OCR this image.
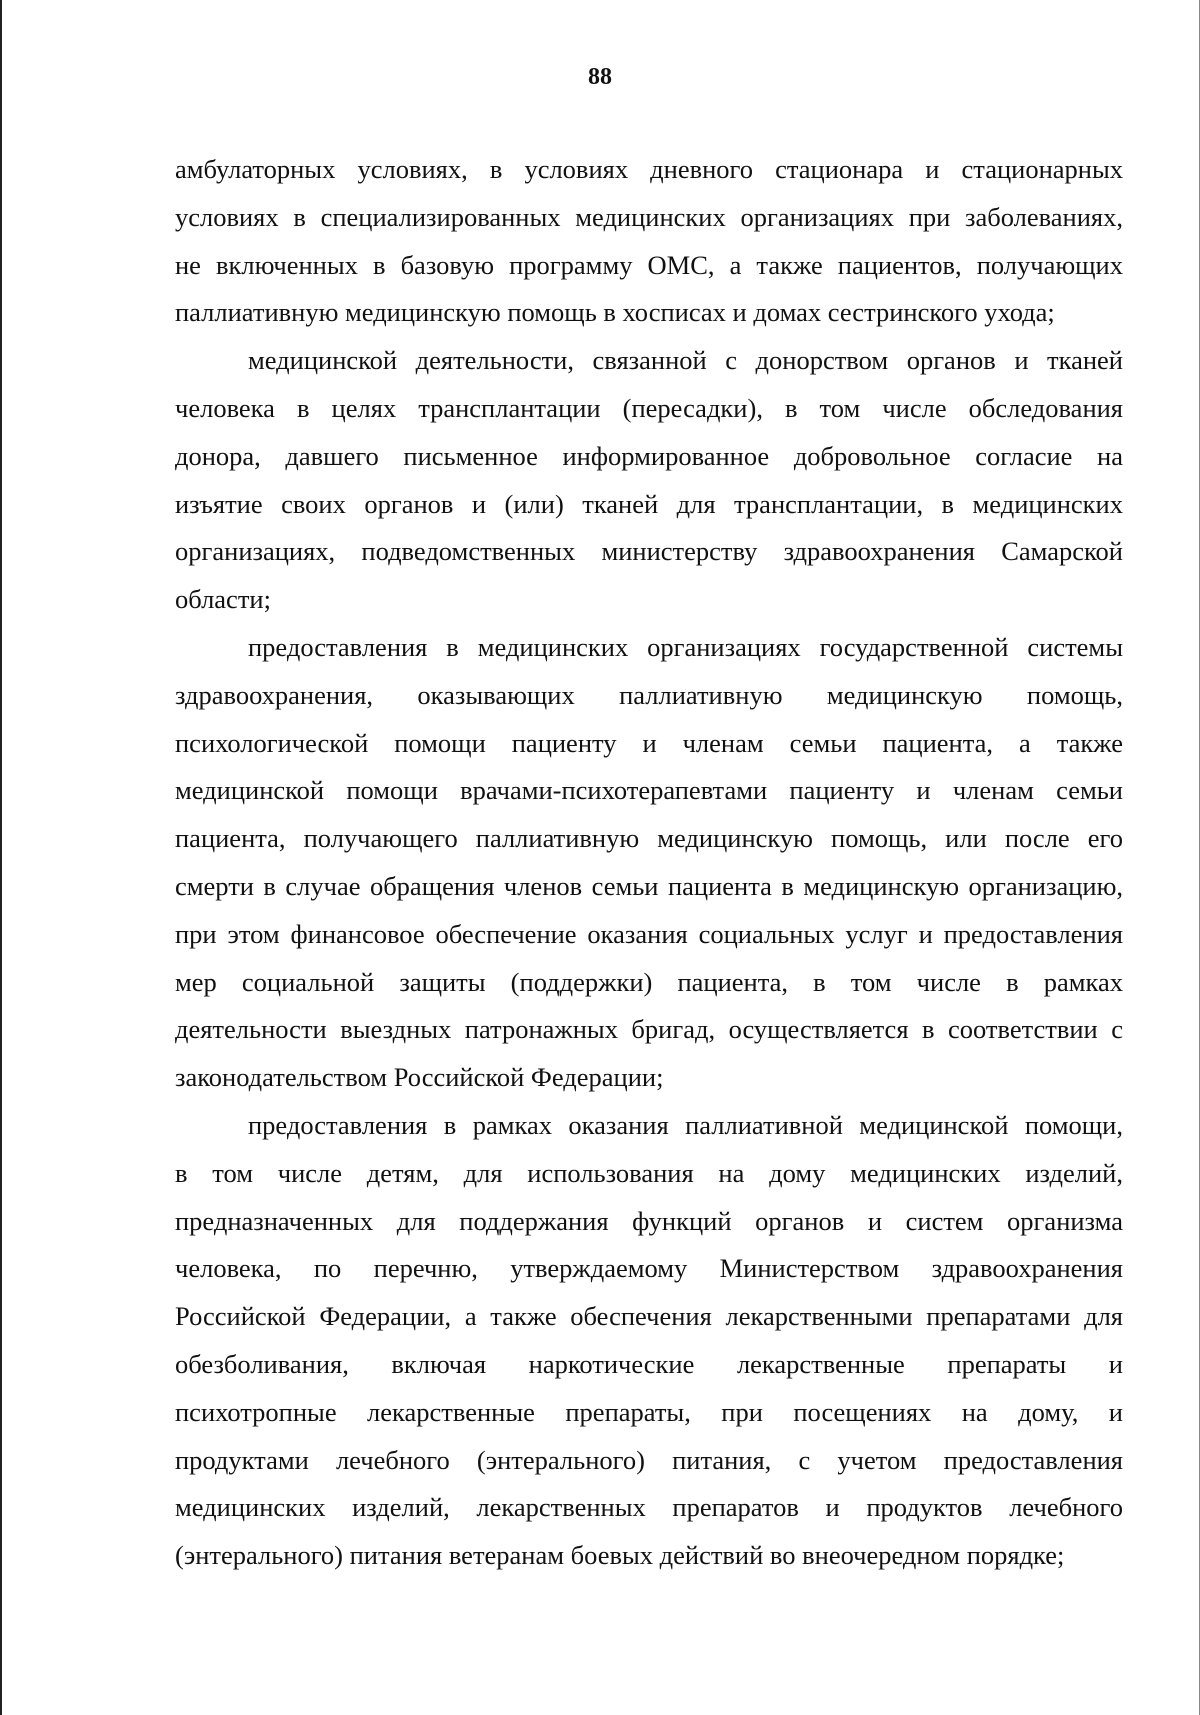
88

амбулаторных условиях, в условиях дневного стационара и стационарных
условиях в специализированных медицинских организациях при заболеваниях,
не включенных в базовую программу ОМС, а также пациентов, получающих
паллиативную медицинскую помощь в хосписах и домах сестринского ухода;

медицинской деятельности, связанной с донорством органов и тканей
человека в целях трансплантации (пересадки), в том числе обследования
донора, давшего письменное информированное добровольное согласие на
изъятие своих органов и (или) тканей для трансплантации, в медицинских
организациях, подведомственных министерству здравоохранения Самарской
области;

предоставления в медицинских организациях государственной системы
здравоохранения, оказывающих паллиативную медицинскую помощь,
психологической помощи пациенту и членам семьи пациента, а также
медицинской помощи врачами-психотерапевтами пациенту и членам семьи
пациента, получающего паллиативную медицинскую помощь, или после его
смерти в случае обращения членов семьи пациента в медицинскую организацию,
при этом финансовое обеспечение оказания социальных услуг и предоставления
мер социальной защиты (поддержки) пациента, в том числе в рамках
деятельности выездных патронажных бригад, осуществляется в соответствии с
законодательством Российской Федерации;

предоставления в рамках оказания паллиативной медицинской помощи,
в том числе детям, для использования на дому медицинских изделий,
предназначенных для поддержания функций органов и систем организма
человека, по перечню, утверждаемому Министерством здравоохранения
Российской Федерации, а также обеспечения лекарственными препаратами для
обезболивания, включая наркотические лекарственные препараты и
психотропные лекарственные препараты, при посещениях на дому, и
продуктами лечебного (энтерального) питания, с учетом предоставления
медицинских изделий, лекарственных препаратов и продуктов лечебного
(энтерального) питания ветеранам боевых действий во внеочередном порядке;
